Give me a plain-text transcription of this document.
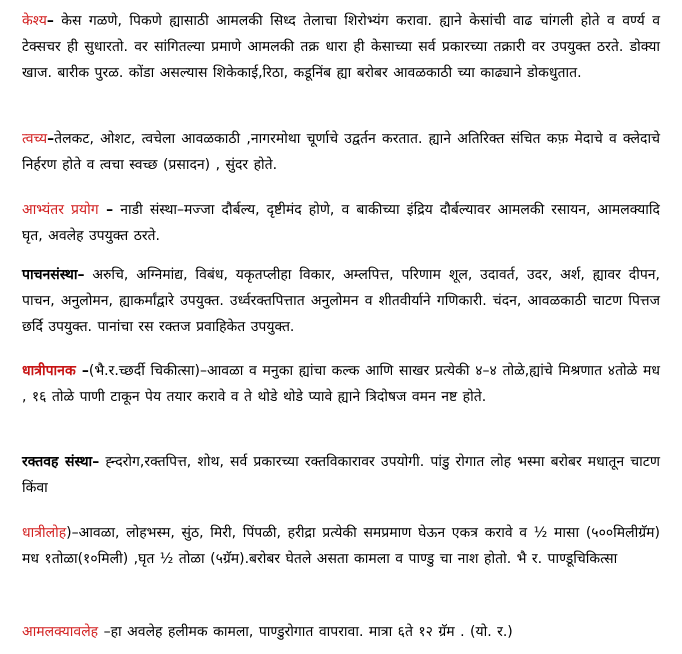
केश्य– केस गळणे, पिकणे ह्यासाठी आमलकी सिध्द तेलाचा शिरोभ्यंग करावा. ह्याने केसांची वाढ चांगली होते व वर्ण्य व टेक्सचर ही सुधारतो. वर सांगितल्या प्रमाणे आमलकी तक्र धारा ही केसाच्या सर्व प्रकारच्या तक्रारी वर उपयुक्त ठरते. डोक्या खाज. बारीक पुरळ. कोंडा असल्यास शिकेकाई,रिठा, कडूनिंब ह्या बरोबर आवळकाठी च्या काढ्याने डोकधुतात.

त्वच्य–तेलकट, ओशट, त्वचेला आवळकाठी ,नागरमोथा चूर्णाचे उद्वर्तन करतात. ह्याने अतिरिक्त संचित कफ़ मेदाचे व क्लेदाचे निर्हरण होते व त्वचा स्वच्छ (प्रसादन) , सुंदर होते.

आभ्यंतर प्रयोग – नाडी संस्था–मज्जा दौर्बल्य, दृष्टीमंद होणे, व बाकीच्या इंद्रिय दौर्बल्यावर आमलकी रसायन, आमलक्यादि घृत, अवलेह उपयुक्त ठरते.

पाचनसंस्था– अरुचि, अग्निमांद्य, विबंध, यकृतप्लीहा विकार, अम्लपित्त, परिणाम शूल, उदावर्त, उदर, अर्श, ह्यावर दीपन, पाचन, अनुलोमन, ह्याकर्मांद्वारे उपयुक्त. उर्ध्वरक्तपित्तात अनुलोमन व शीतवीर्याने गणिकारी. चंदन, आवळकाठी चाटण पित्तज छर्दि उपयुक्त. पानांचा रस रक्तज प्रवाहिकेत उपयुक्त.

धात्रीपानक –(भै.र.च्छर्दी चिकीत्सा)–आवळा व मनुका ह्यांचा कल्क आणि साखर प्रत्येकी ४–४ तोळे,ह्यांचे मिश्रणात ४तोळे मध , १६ तोळे पाणी टाकून पेय तयार करावे व ते थोडे थोडे प्यावे ह्याने त्रिदोषज वमन नष्ट होते.

रक्तवह संस्था– ह्न्दरोग,रक्तपित्त, शोथ, सर्व प्रकारच्या रक्तविकारावर उपयोगी. पांडु रोगात लोह भस्मा बरोबर मधातून चाटण किंवा

धात्रीलोह)–आवळा, लोहभस्म, सुंठ, मिरी, पिंपळी, हरीद्रा प्रत्येकी समप्रमाण घेऊन एकत्र करावे व ½ मासा (५००मिलीग्रॅम) मध १तोळा(१०मिली) ,घृत ½ तोळा (५ग्रॅम).बरोबर घेतले असता कामला व पाण्डु चा नाश होतो. भै र. पाण्डूचिकित्सा

आमलक्यावलेह –हा अवलेह हलीमक कामला, पाण्डुरोगात वापरावा. मात्रा ६ते १२ ग्रॅम . (यो. र.)
